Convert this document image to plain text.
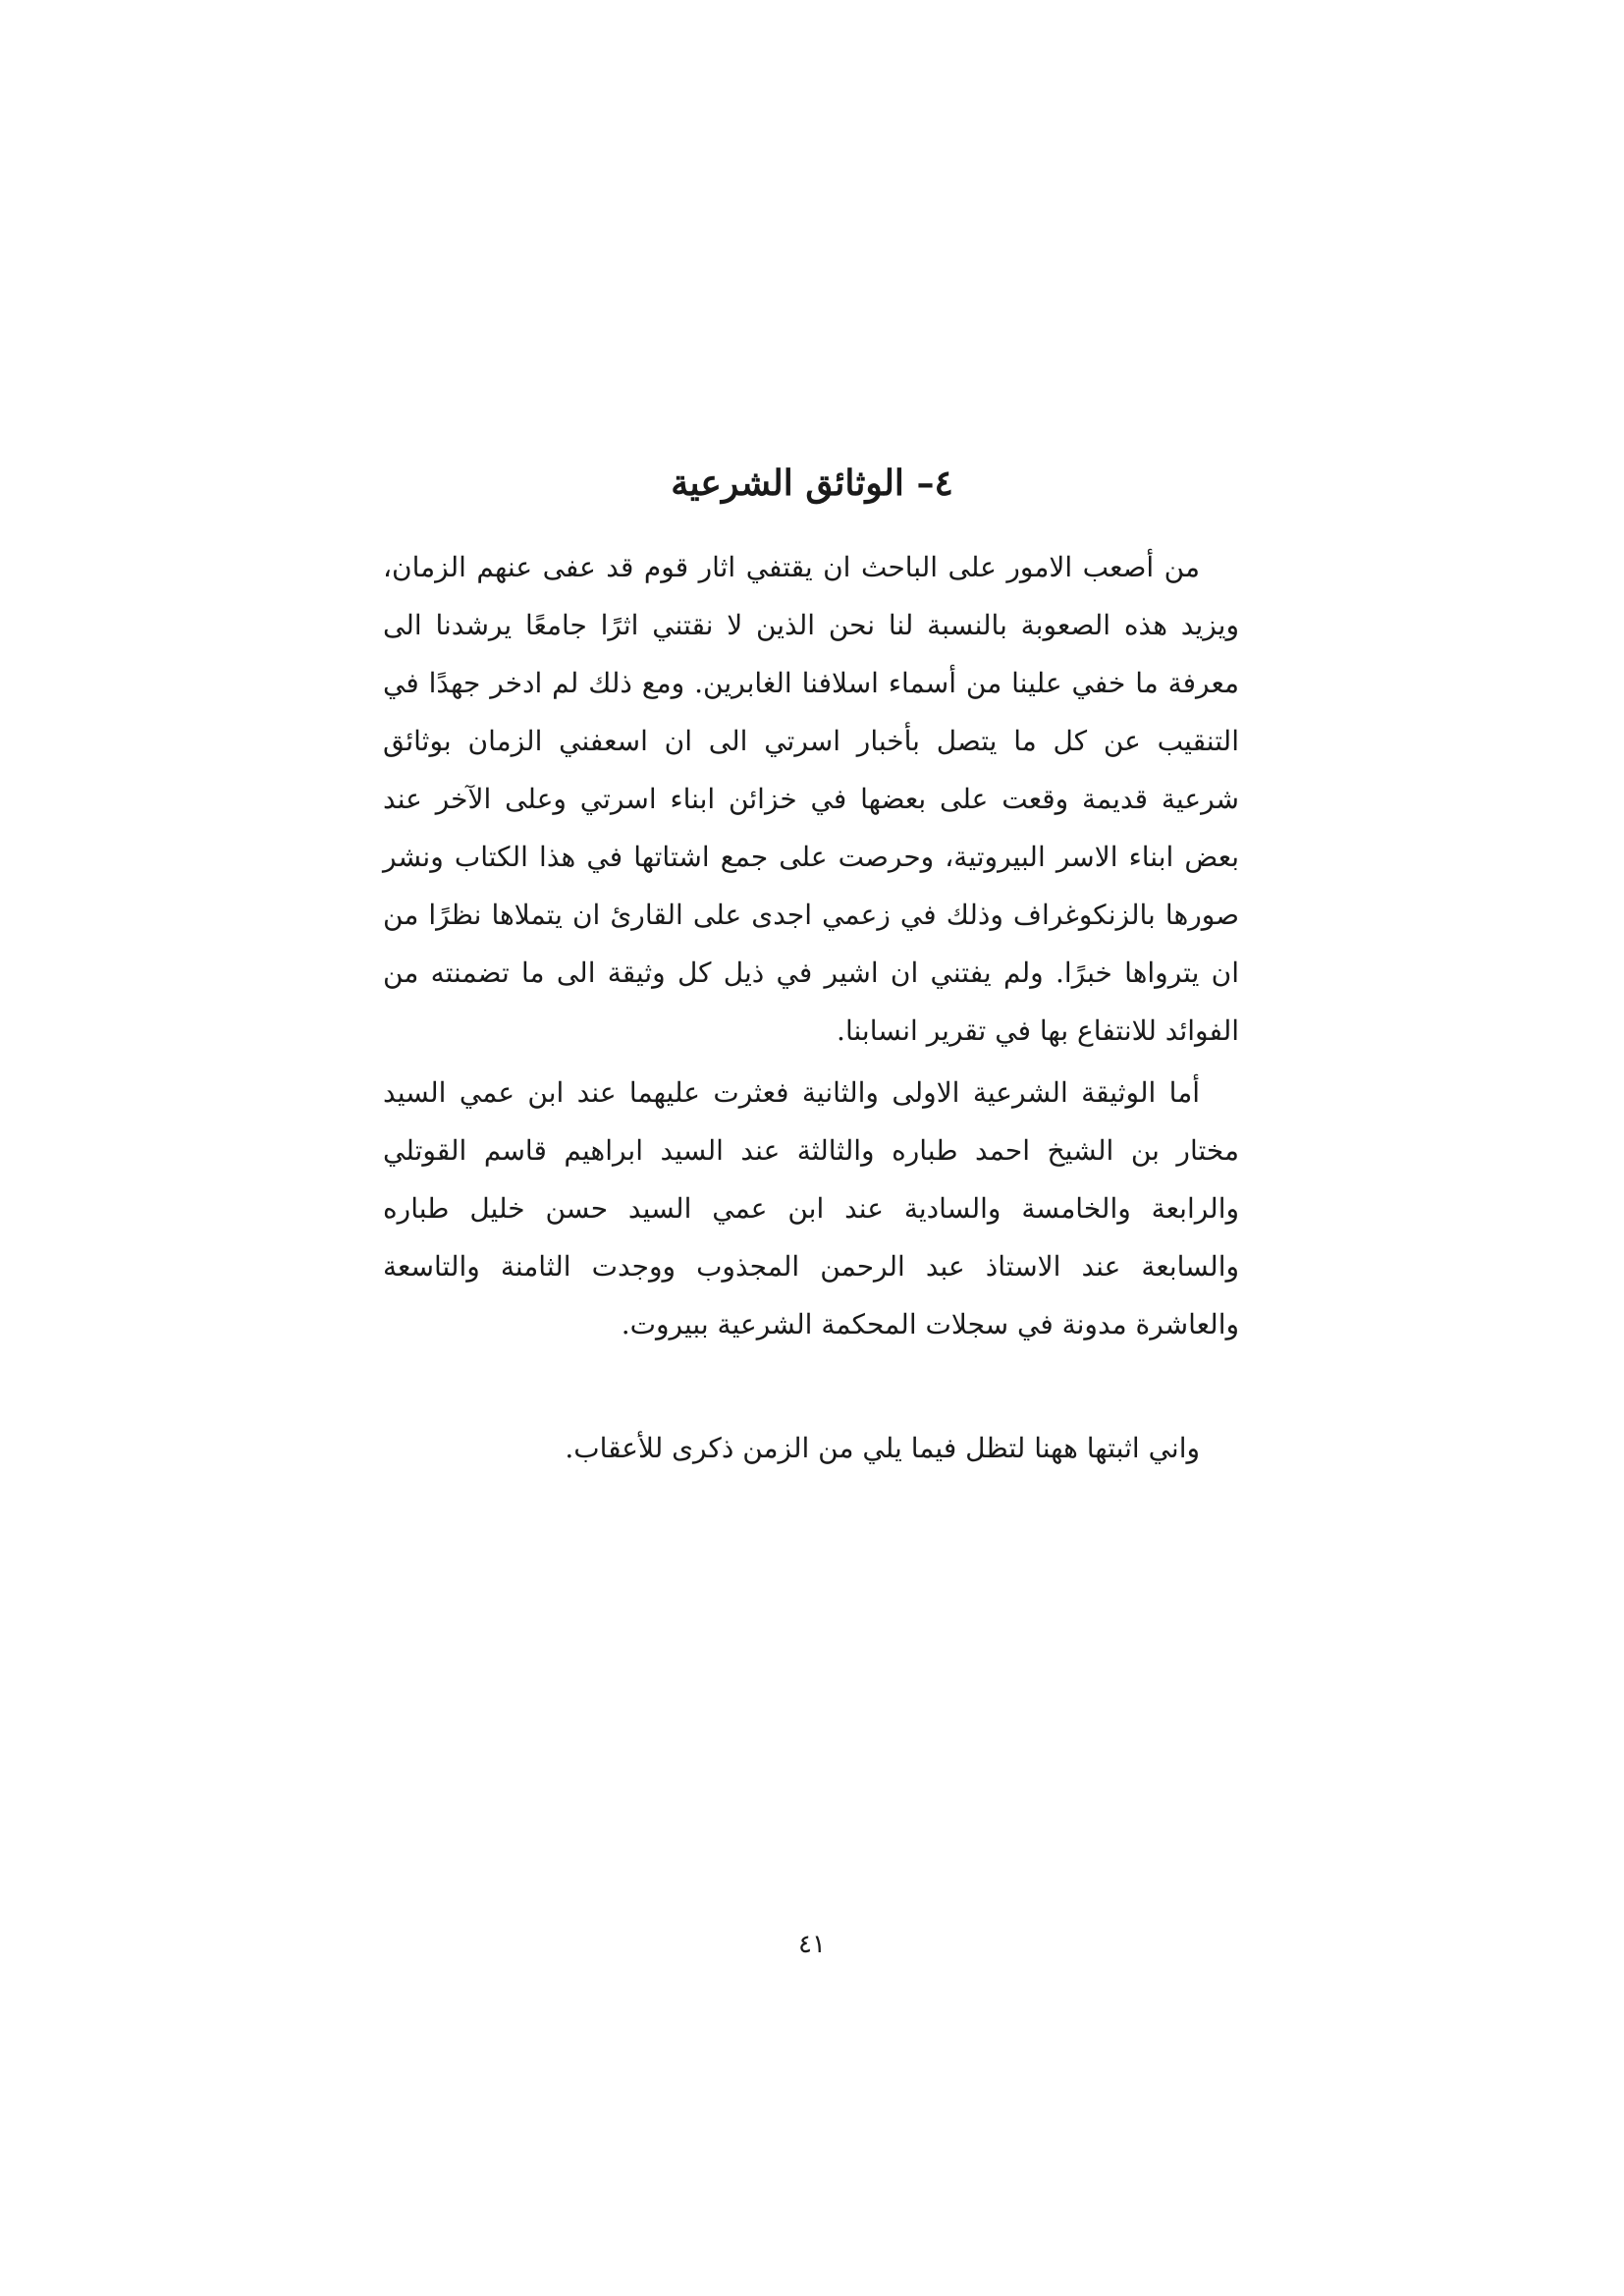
٤– الوثائق الشرعية

من أصعب الامور على الباحث ان يقتفي اثار قوم قد عفى عنهم الزمان، ويزيد هذه الصعوبة بالنسبة لنا نحن الذين لا نقتني اثرًا جامعًا يرشدنا الى معرفة ما خفي علينا من أسماء اسلافنا الغابرين. ومع ذلك لم ادخر جهدًا في التنقيب عن كل ما يتصل بأخبار اسرتي الى ان اسعفني الزمان بوثائق شرعية قديمة وقعت على بعضها في خزائن ابناء اسرتي وعلى الآخر عند بعض ابناء الاسر البيروتية، وحرصت على جمع اشتاتها في هذا الكتاب ونشر صورها بالزنكوغراف وذلك في زعمي اجدى على القارئ ان يتملاها نظرًا من ان يترواها خبرًا. ولم يفتني ان اشير في ذيل كل وثيقة الى ما تضمنته من الفوائد للانتفاع بها في تقرير انسابنا.

أما الوثيقة الشرعية الاولى والثانية فعثرت عليهما عند ابن عمي السيد مختار بن الشيخ احمد طباره والثالثة عند السيد ابراهيم قاسم القوتلي والرابعة والخامسة والسادية عند ابن عمي السيد حسن خليل طباره والسابعة عند الاستاذ عبد الرحمن المجذوب ووجدت الثامنة والتاسعة والعاشرة مدونة في سجلات المحكمة الشرعية ببيروت.

واني اثبتها ههنا لتظل فيما يلي من الزمن ذكرى للأعقاب.

٤١
